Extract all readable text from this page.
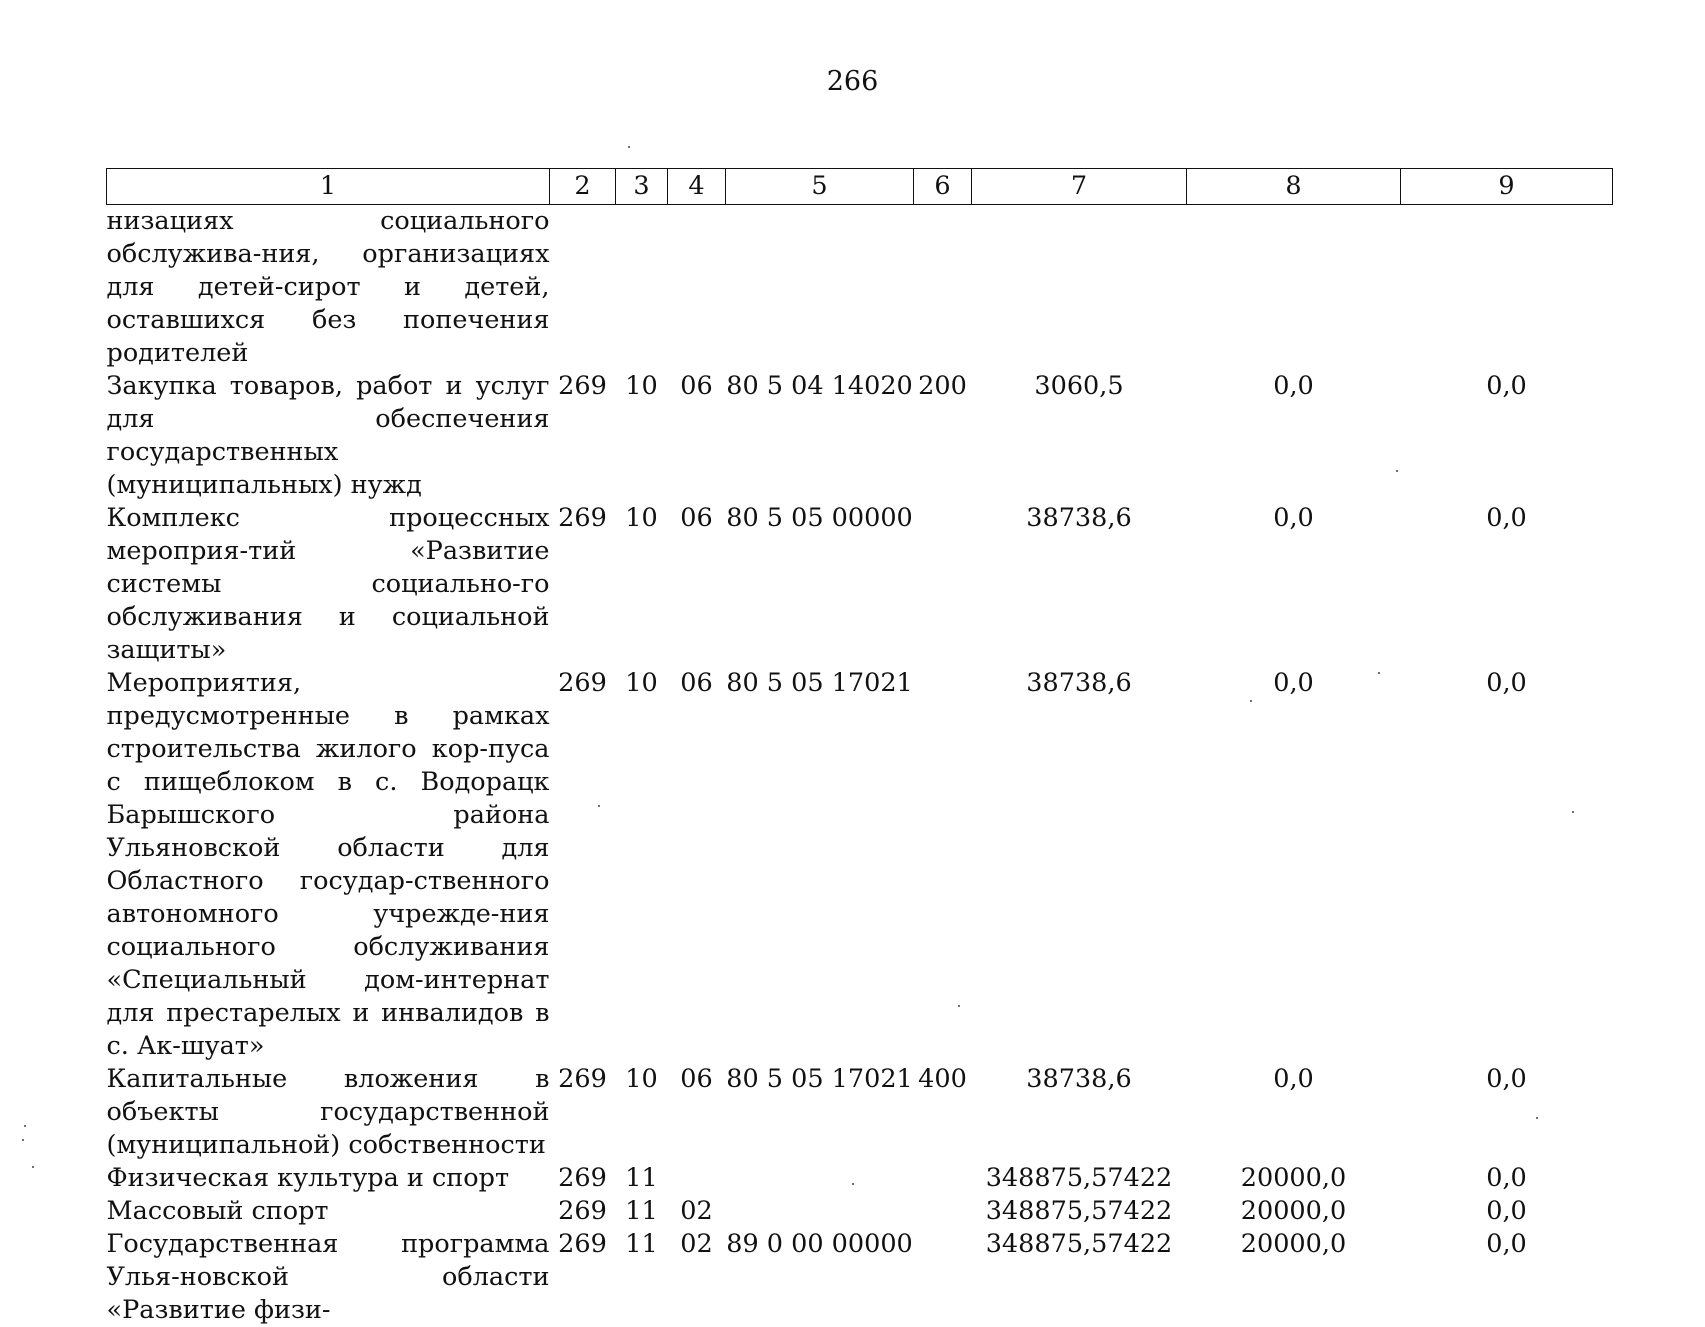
266
1	2	3	4	5	6	7	8	9
низациях социального обслужива-ния, организациях для детей-сирот и детей, оставшихся без попечения родителей								
Закупка товаров, работ и услуг для обеспечения государственных (муниципальных) нужд	269	10	06	80 5 04 14020	200	3060,5	0,0	0,0
Комплекс процессных мероприя-тий «Развитие системы социально-го обслуживания и социальной защиты»	269	10	06	80 5 05 00000		38738,6	0,0	0,0
Мероприятия, предусмотренные в рамках строительства жилого кор-пуса с пищеблоком в с. Водорацк Барышского района Ульяновской области для Областного государ-ственного автономного учрежде-ния социального обслуживания «Специальный дом-интернат для престарелых и инвалидов в с. Ак-шуат»	269	10	06	80 5 05 17021		38738,6	0,0	0,0
Капитальные вложения в объекты государственной (муниципальной) собственности	269	10	06	80 5 05 17021	400	38738,6	0,0	0,0
Физическая культура и спорт	269	11				348875,57422	20000,0	0,0
Массовый спорт	269	11	02			348875,57422	20000,0	0,0
Государственная программа Улья-новской области «Развитие физи-	269	11	02	89 0 00 00000		348875,57422	20000,0	0,0
